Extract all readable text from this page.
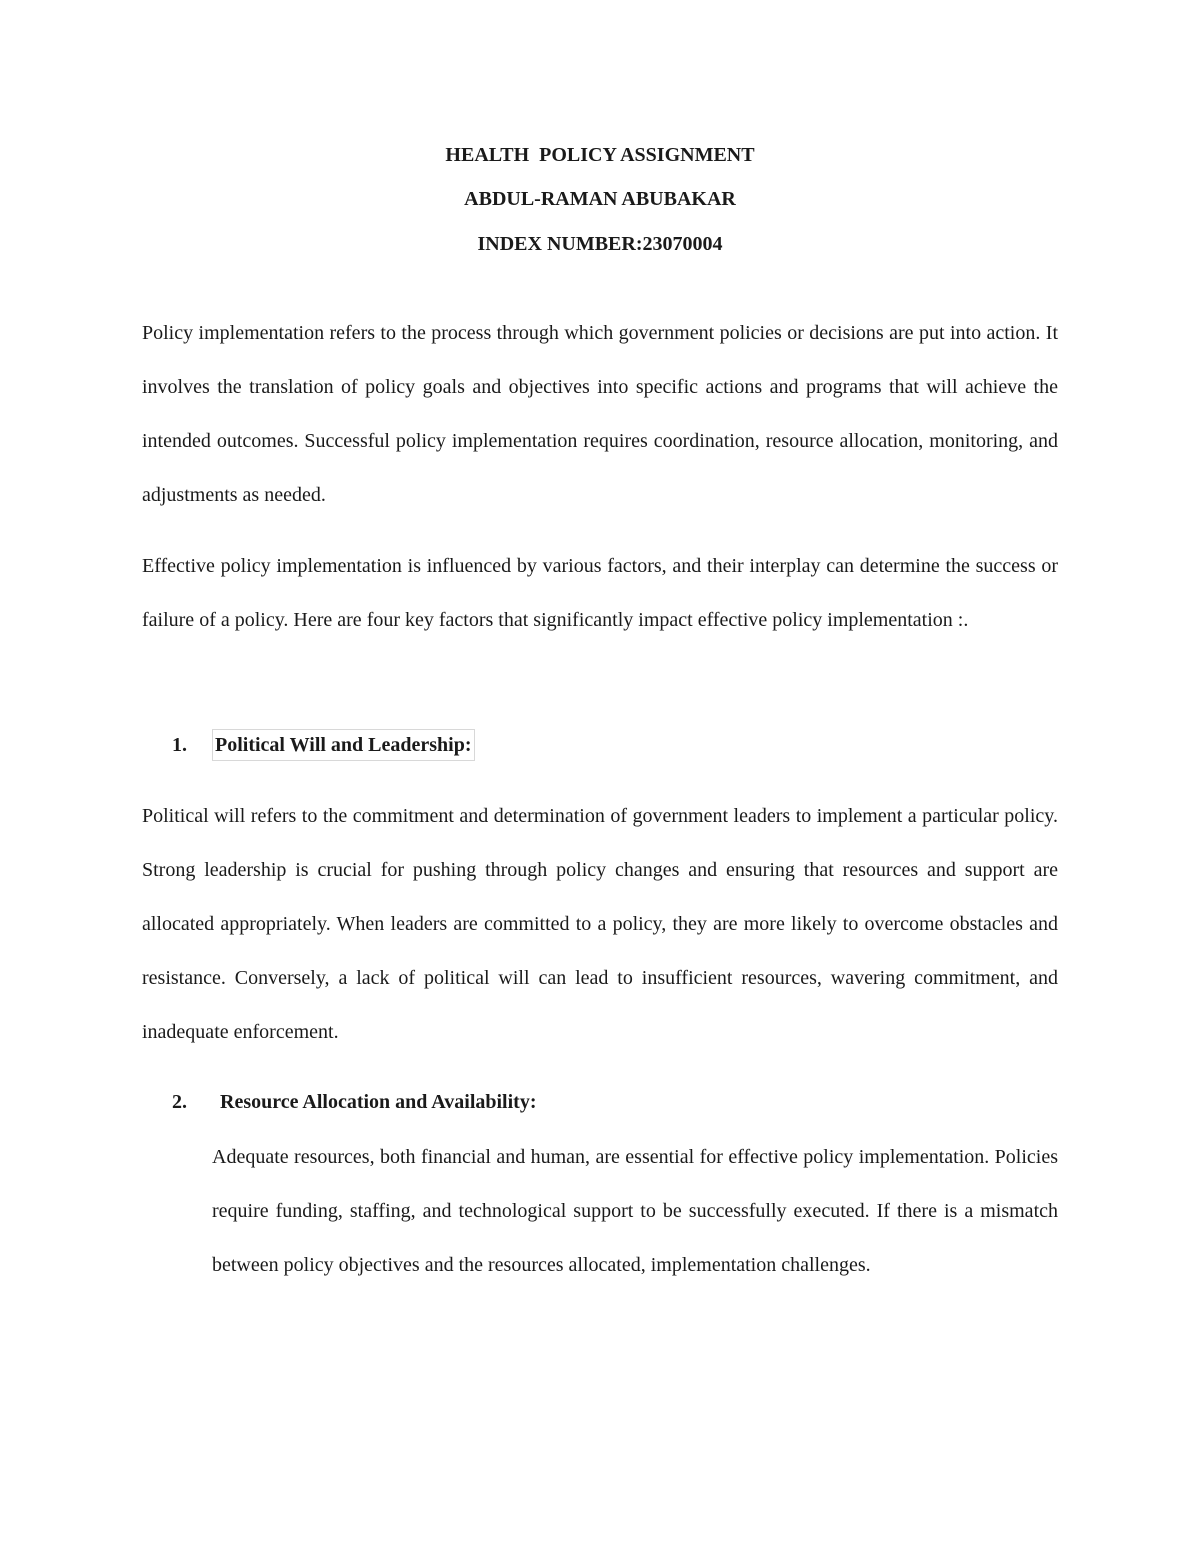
HEALTH  POLICY ASSIGNMENT
ABDUL-RAMAN ABUBAKAR
INDEX NUMBER:23070004

Policy implementation refers to the process through which government policies or decisions are put into action. It involves the translation of policy goals and objectives into specific actions and programs that will achieve the intended outcomes. Successful policy implementation requires coordination, resource allocation, monitoring, and adjustments as needed.

Effective policy implementation is influenced by various factors, and their interplay can determine the success or failure of a policy. Here are four key factors that significantly impact effective policy implementation :.

1. Political Will and Leadership:

Political will refers to the commitment and determination of government leaders to implement a particular policy. Strong leadership is crucial for pushing through policy changes and ensuring that resources and support are allocated appropriately. When leaders are committed to a policy, they are more likely to overcome obstacles and resistance. Conversely, a lack of political will can lead to insufficient resources, wavering commitment, and inadequate enforcement.

2. Resource Allocation and Availability:

Adequate resources, both financial and human, are essential for effective policy implementation. Policies require funding, staffing, and technological support to be successfully executed. If there is a mismatch between policy objectives and the resources allocated, implementation challenges.
